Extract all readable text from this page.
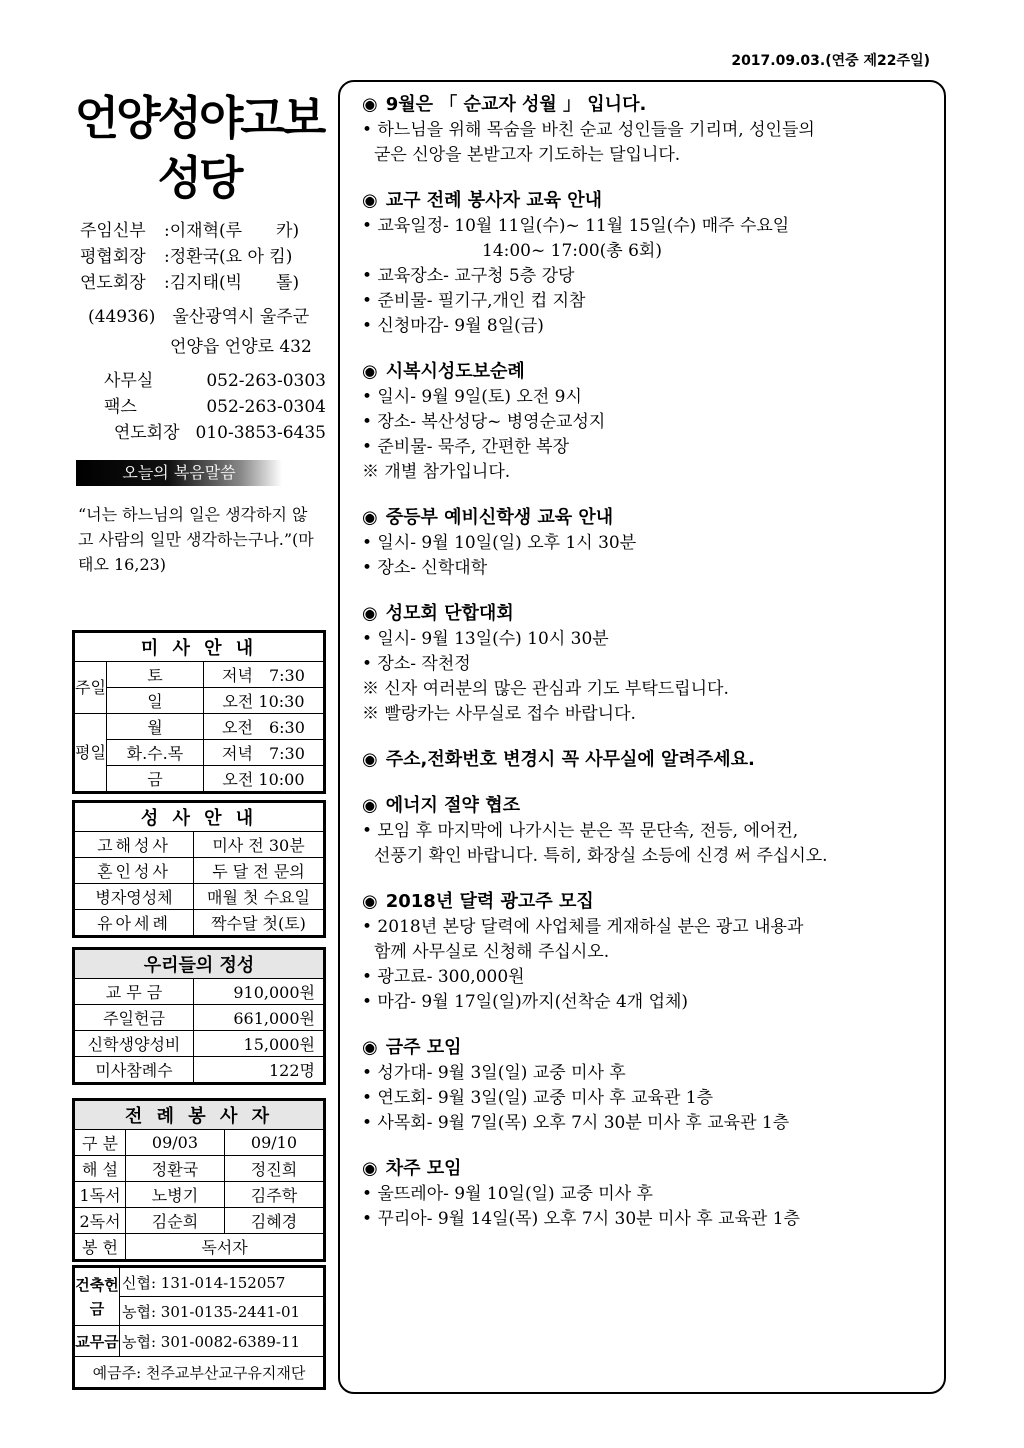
2017.09.03.(연중 제22주일)
언양성야고보
성당
주임신부	:이재혁(루　　카)
평협회장	:정환국(요 아 킴)
연도회장	:김지태(빅　　톨)
(44936)　울산광역시 울주군
언양읍 언양로 432
사무실	052-263-0303
팩스	052-263-0304
연도회장 010-3853-6435
오늘의 복음말씀
“너는 하느님의 일은 생각하지 않고 사람의 일만 생각하는구나.”(마태오 16,23)
미 사 안 내		
주일	토	저녁　7:30
	일	오전 10:30
평일	월	오전　6:30
	화.수.목	저녁　7:30
	금	오전 10:00
성 사 안 내	
고해성사	미사 전 30분
혼인성사	두 달 전 문의
병자영성체	매월 첫 수요일
유아세례	짝수달 첫(토)
우리들의 정성	
교 무 금	910,000원
주일헌금	661,000원
신학생양성비	15,000원
미사참례수	122명
전 례 봉 사 자		
구 분	09/03	09/10
해 설	정환국	정진희
1독서	노병기	김주학
2독서	김순희	김혜경
봉 헌	독서자	
건축헌금	신협: 131-014-152057
	농협: 301-0135-2441-01
교무금	농협: 301-0082-6389-11
예금주: 천주교부산교구유지재단	
◉ 9월은 「 순교자 성월 」 입니다.
• 하느님을 위해 목숨을 바친 순교 성인들을 기리며, 성인들의
굳은 신앙을 본받고자 기도하는 달입니다.
◉ 교구 전례 봉사자 교육 안내
• 교육일정- 10월 11일(수)~ 11월 15일(수) 매주 수요일
14:00~ 17:00(총 6회)
• 교육장소- 교구청 5층 강당
• 준비물- 필기구,개인 컵 지참
• 신청마감- 9월 8일(금)
◉ 시복시성도보순례
• 일시- 9월 9일(토) 오전 9시
• 장소- 복산성당~ 병영순교성지
• 준비물- 묵주, 간편한 복장
※ 개별 참가입니다.
◉ 중등부 예비신학생 교육 안내
• 일시- 9월 10일(일) 오후 1시 30분
• 장소- 신학대학
◉ 성모회 단합대회
• 일시- 9월 13일(수) 10시 30분
• 장소- 작천정
※ 신자 여러분의 많은 관심과 기도 부탁드립니다.
※ 빨랑카는 사무실로 접수 바랍니다.
◉ 주소,전화번호 변경시 꼭 사무실에 알려주세요.
◉ 에너지 절약 협조
• 모임 후 마지막에 나가시는 분은 꼭 문단속, 전등, 에어컨,
선풍기 확인 바랍니다. 특히, 화장실 소등에 신경 써 주십시오.
◉ 2018년 달력 광고주 모집
• 2018년 본당 달력에 사업체를 게재하실 분은 광고 내용과
함께 사무실로 신청해 주십시오.
• 광고료- 300,000원
• 마감- 9월 17일(일)까지(선착순 4개 업체)
◉ 금주 모임
• 성가대- 9월 3일(일) 교중 미사 후
• 연도회- 9월 3일(일) 교중 미사 후 교육관 1층
• 사목회- 9월 7일(목) 오후 7시 30분 미사 후 교육관 1층
◉ 차주 모임
• 울뜨레아- 9월 10일(일) 교중 미사 후
• 꾸리아- 9월 14일(목) 오후 7시 30분 미사 후 교육관 1층
